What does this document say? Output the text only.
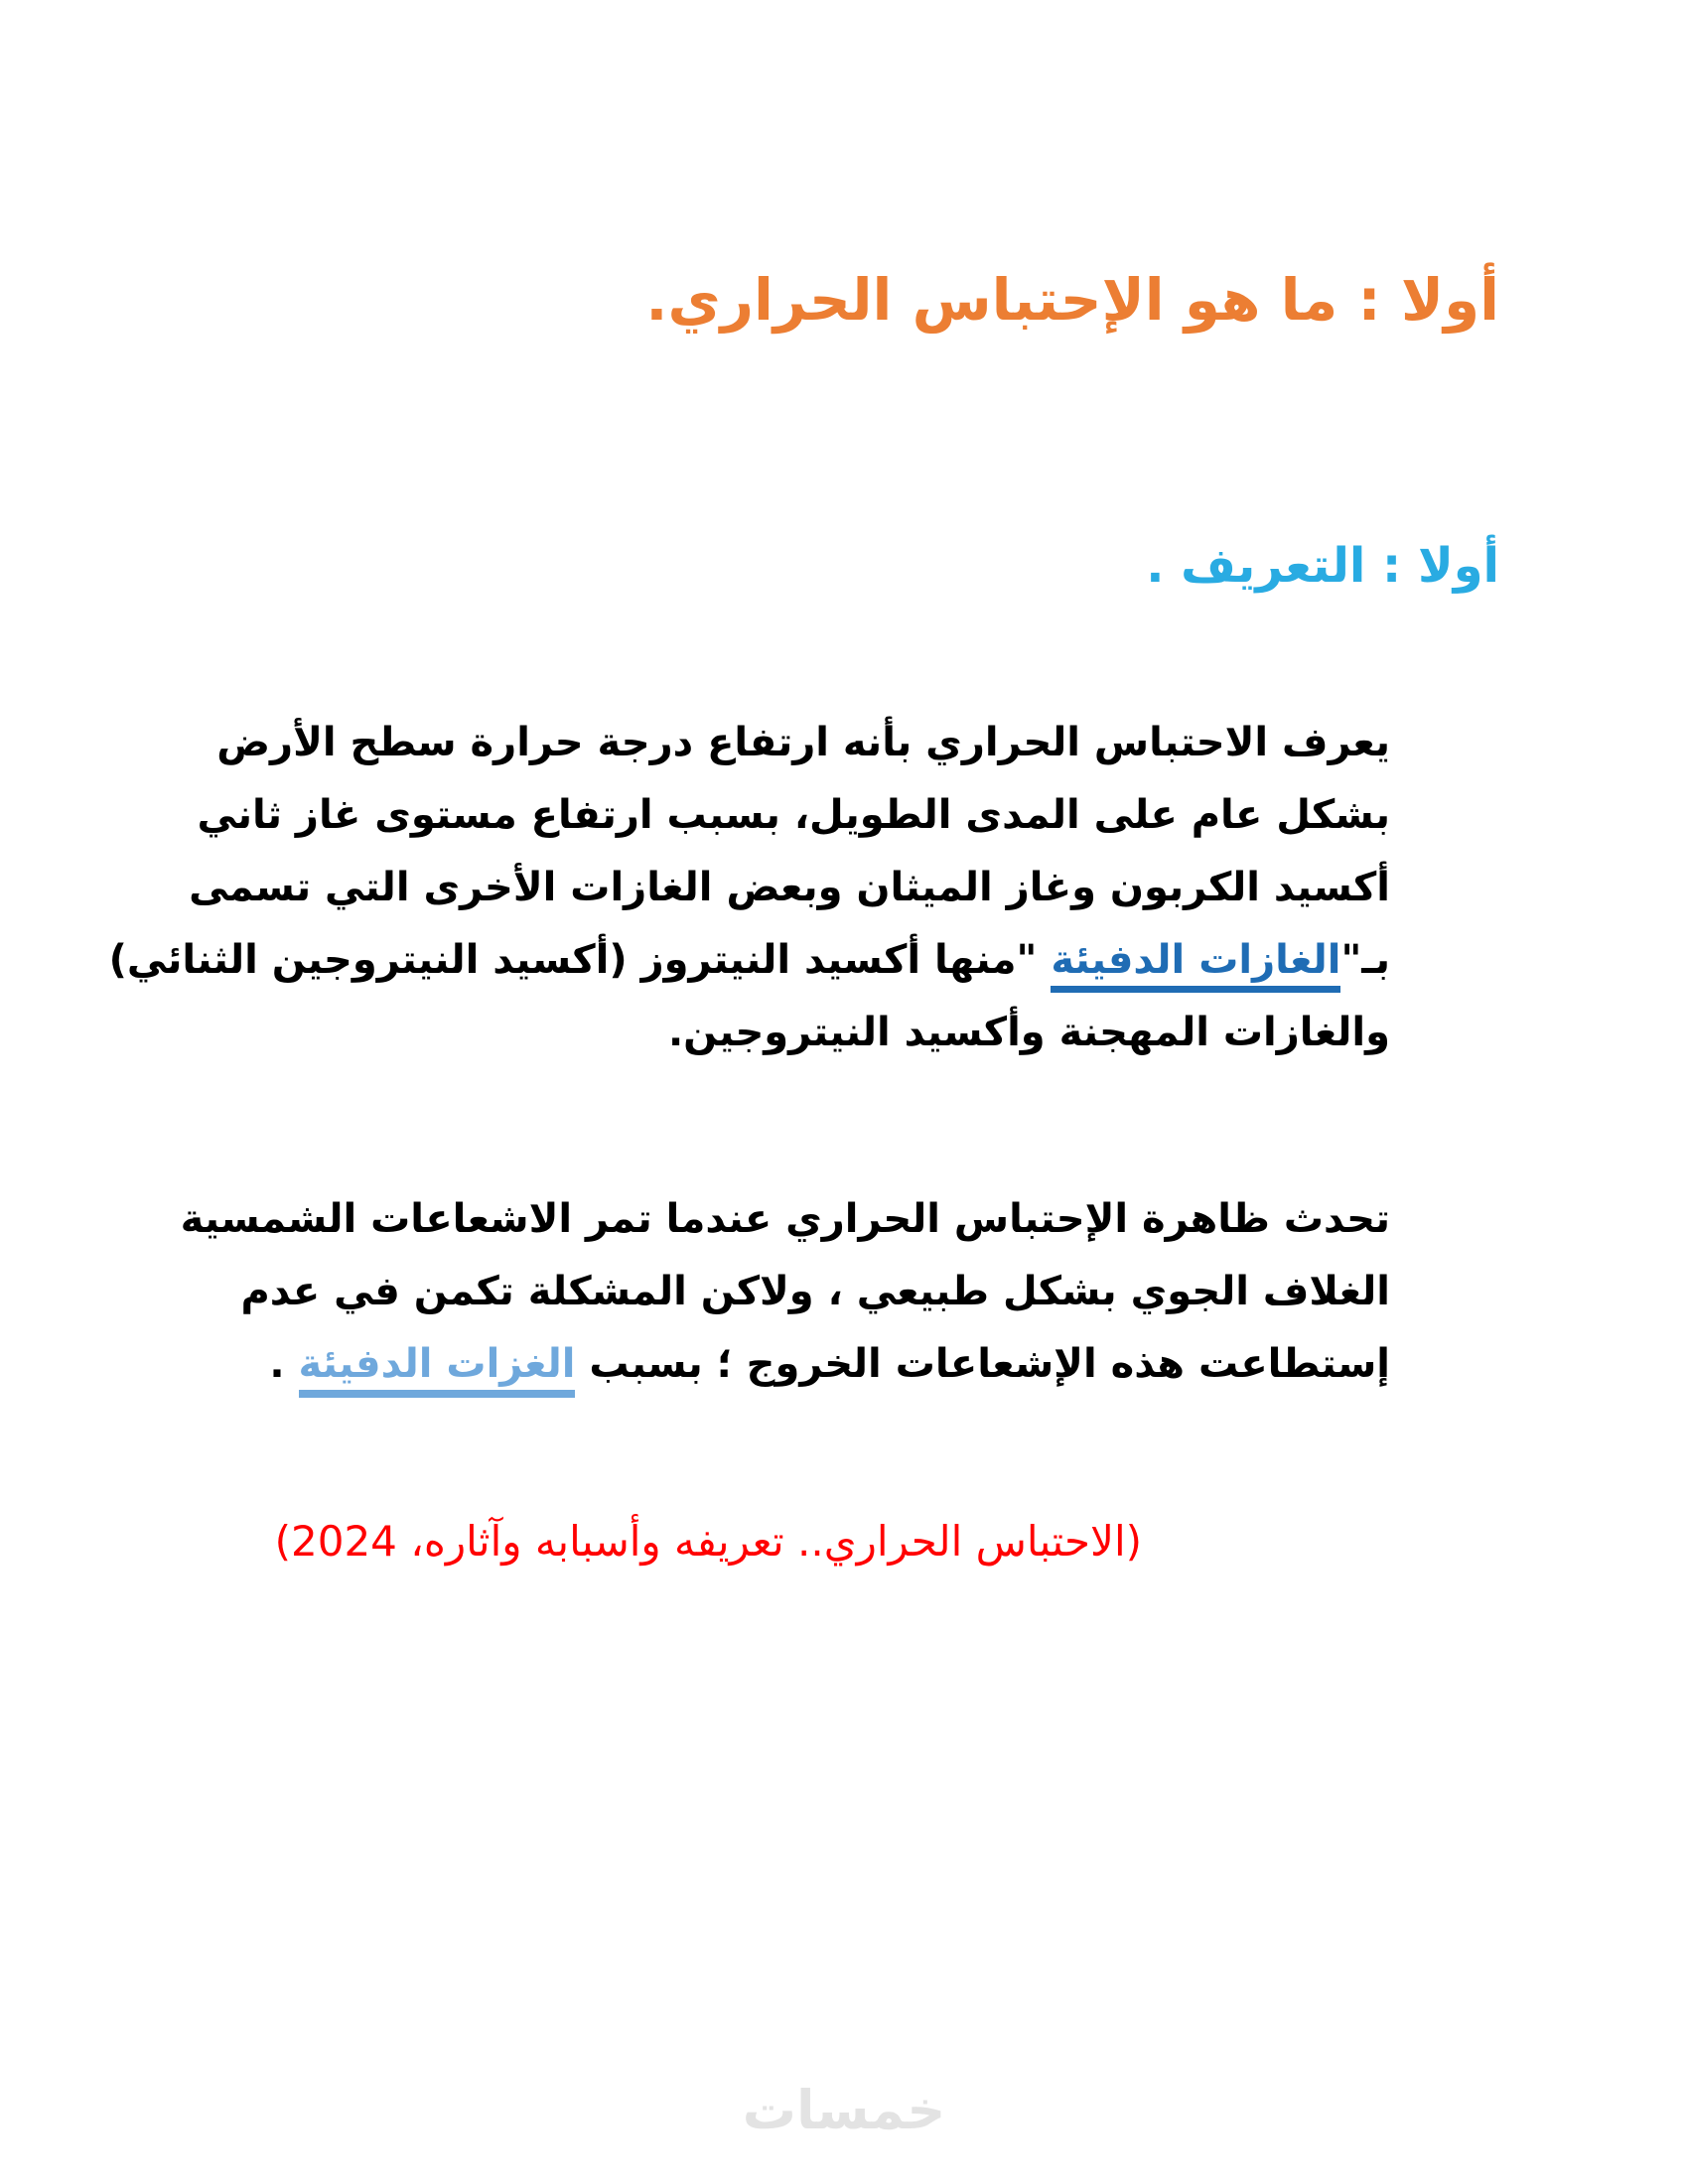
أولا : ما هو الإحتباس الحراري.
أولا : التعريف .
يعرف الاحتباس الحراري بأنه ارتفاع درجة حرارة سطح الأرض
بشكل عام على المدى الطويل، بسبب ارتفاع مستوى غاز ثاني
أكسيد الكربون وغاز الميثان وبعض الغازات الأخرى التي تسمى
بـ"الغازات الدفيئة "منها أكسيد النيتروز (أكسيد النيتروجين الثنائي)
والغازات المهجنة وأكسيد النيتروجين.
تحدث ظاهرة الإحتباس الحراري عندما تمر الاشعاعات الشمسية
الغلاف الجوي بشكل طبيعي ، ولاكن المشكلة تكمن في عدم
إستطاعت هذه الإشعاعات الخروج ؛ بسبب الغزات الدفيئة .
(الاحتباس الحراري.. تعريفه وأسبابه وآثاره، 2024)
خمسات
